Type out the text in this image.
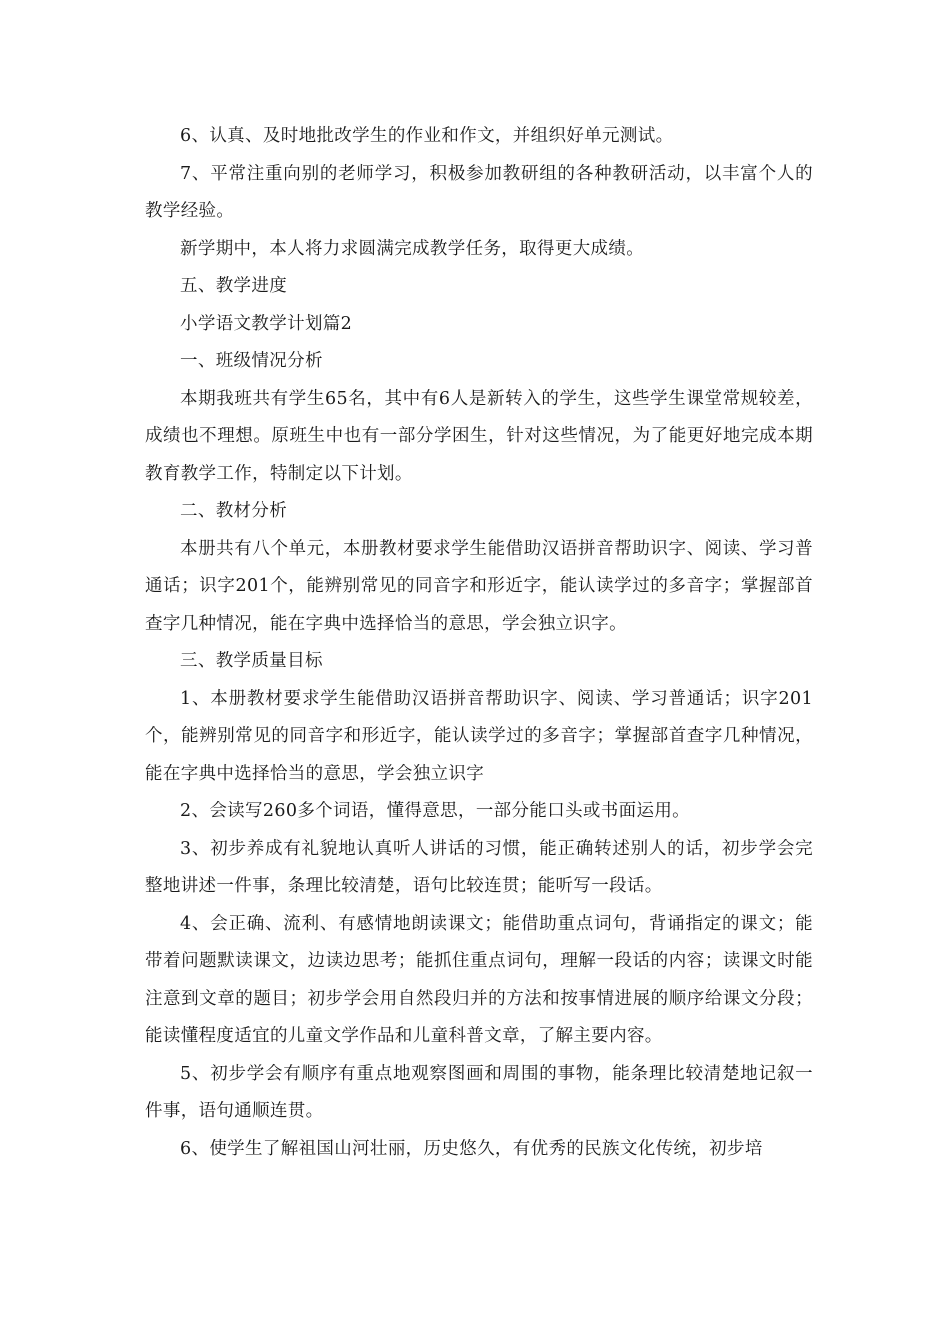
6、认真、及时地批改学生的作业和作文，并组织好单元测试。

7、平常注重向别的老师学习，积极参加教研组的各种教研活动，以丰富个人的教学经验。

新学期中，本人将力求圆满完成教学任务，取得更大成绩。

五、教学进度

小学语文教学计划篇2

一、班级情况分析

本期我班共有学生65名，其中有6人是新转入的学生，这些学生课堂常规较差，成绩也不理想。原班生中也有一部分学困生，针对这些情况，为了能更好地完成本期教育教学工作，特制定以下计划。

二、教材分析

本册共有八个单元，本册教材要求学生能借助汉语拼音帮助识字、阅读、学习普通话；识字201个，能辨别常见的同音字和形近字，能认读学过的多音字；掌握部首查字几种情况，能在字典中选择恰当的意思，学会独立识字。

三、教学质量目标

1、本册教材要求学生能借助汉语拼音帮助识字、阅读、学习普通话；识字201个，能辨别常见的同音字和形近字，能认读学过的多音字；掌握部首查字几种情况，能在字典中选择恰当的意思，学会独立识字

2、会读写260多个词语，懂得意思，一部分能口头或书面运用。

3、初步养成有礼貌地认真听人讲话的习惯，能正确转述别人的话，初步学会完整地讲述一件事，条理比较清楚，语句比较连贯；能听写一段话。

4、会正确、流利、有感情地朗读课文；能借助重点词句，背诵指定的课文；能带着问题默读课文，边读边思考；能抓住重点词句，理解一段话的内容；读课文时能注意到文章的题目；初步学会用自然段归并的方法和按事情进展的顺序给课文分段；能读懂程度适宜的儿童文学作品和儿童科普文章，了解主要内容。

5、初步学会有顺序有重点地观察图画和周围的事物，能条理比较清楚地记叙一件事，语句通顺连贯。

6、使学生了解祖国山河壮丽，历史悠久，有优秀的民族文化传统，初步培
